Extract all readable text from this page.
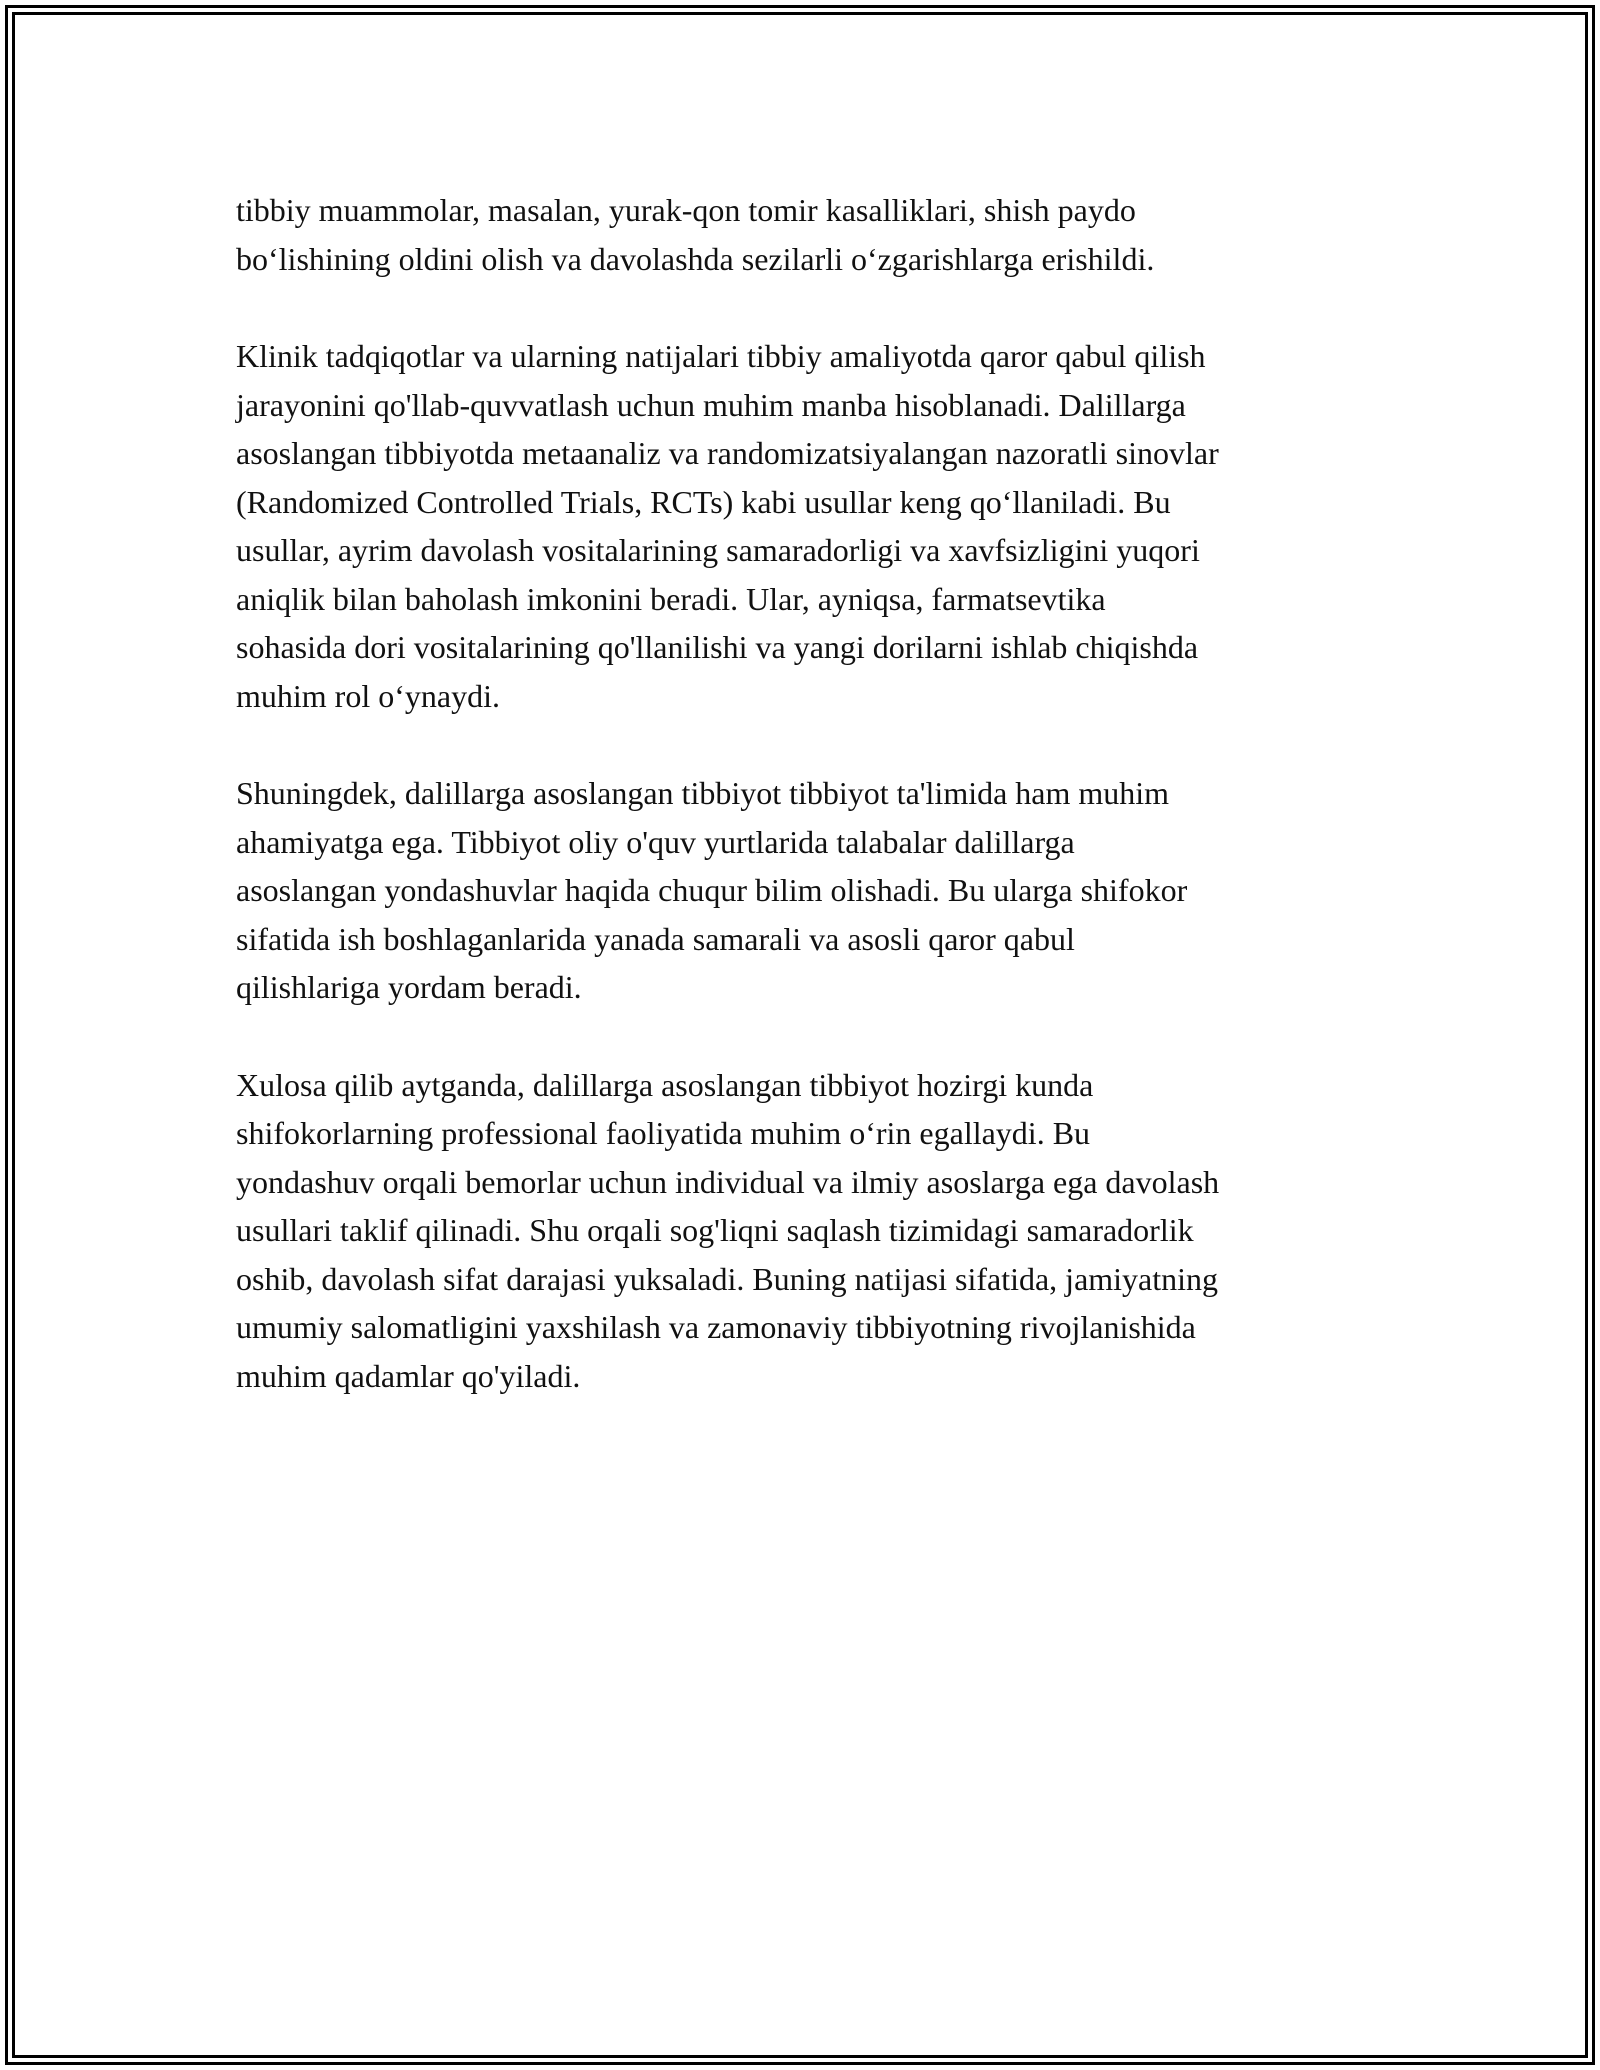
tibbiy muammolar, masalan, yurak-qon tomir kasalliklari, shish paydo
bo‘lishining oldini olish va davolashda sezilarli o‘zgarishlarga erishildi.

Klinik tadqiqotlar va ularning natijalari tibbiy amaliyotda qaror qabul qilish
jarayonini qo'llab-quvvatlash uchun muhim manba hisoblanadi. Dalillarga
asoslangan tibbiyotda metaanaliz va randomizatsiyalangan nazoratli sinovlar
(Randomized Controlled Trials, RCTs) kabi usullar keng qo‘llaniladi. Bu
usullar, ayrim davolash vositalarining samaradorligi va xavfsizligini yuqori
aniqlik bilan baholash imkonini beradi. Ular, ayniqsa, farmatsevtika
sohasida dori vositalarining qo'llanilishi va yangi dorilarni ishlab chiqishda
muhim rol o‘ynaydi.

Shuningdek, dalillarga asoslangan tibbiyot tibbiyot ta'limida ham muhim
ahamiyatga ega. Tibbiyot oliy o'quv yurtlarida talabalar dalillarga
asoslangan yondashuvlar haqida chuqur bilim olishadi. Bu ularga shifokor
sifatida ish boshlaganlarida yanada samarali va asosli qaror qabul
qilishlariga yordam beradi.

Xulosa qilib aytganda, dalillarga asoslangan tibbiyot hozirgi kunda
shifokorlarning professional faoliyatida muhim o‘rin egallaydi. Bu
yondashuv orqali bemorlar uchun individual va ilmiy asoslarga ega davolash
usullari taklif qilinadi. Shu orqali sog'liqni saqlash tizimidagi samaradorlik
oshib, davolash sifat darajasi yuksaladi. Buning natijasi sifatida, jamiyatning
umumiy salomatligini yaxshilash va zamonaviy tibbiyotning rivojlanishida
muhim qadamlar qo'yiladi.
